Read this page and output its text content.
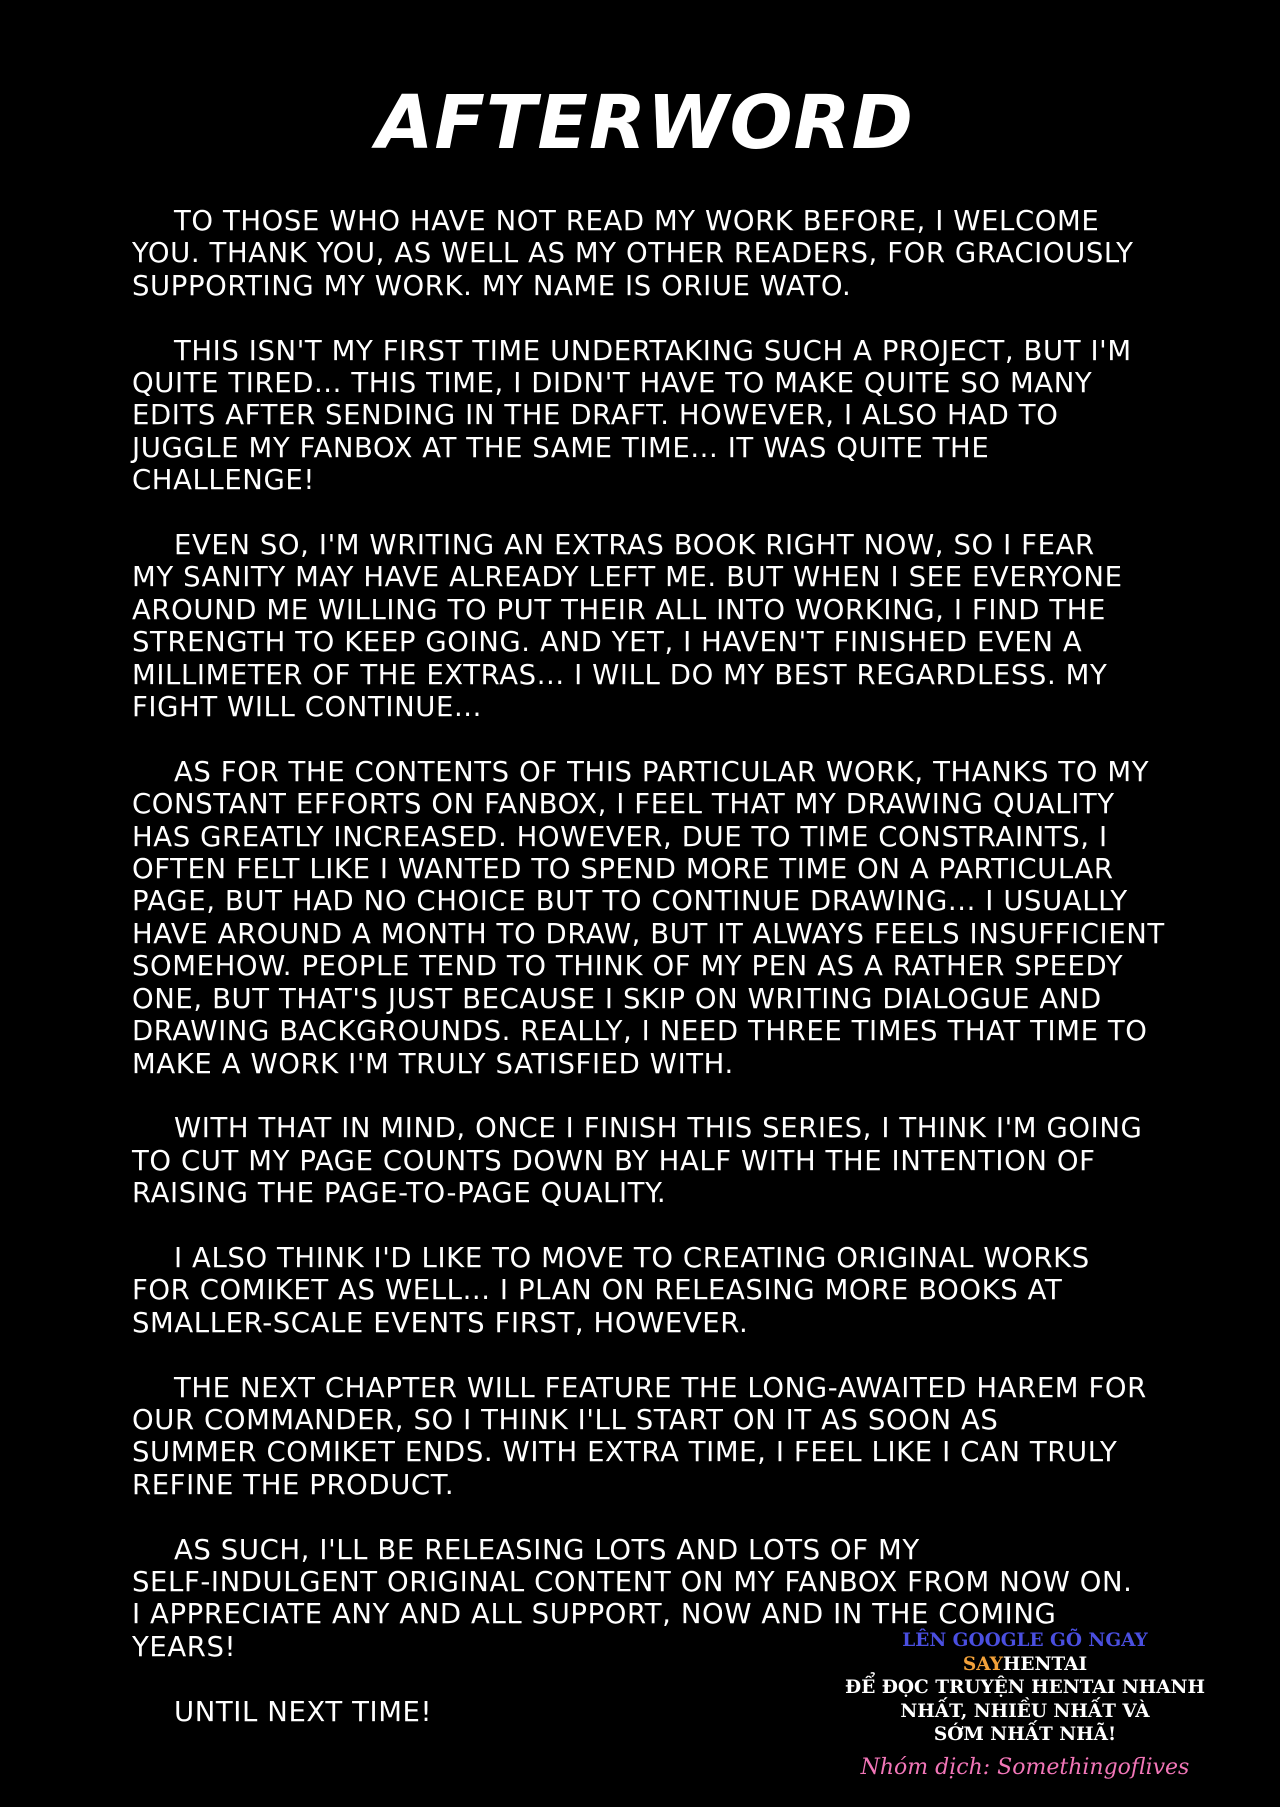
AFTERWORD

TO THOSE WHO HAVE NOT READ MY WORK BEFORE, I WELCOME
YOU. THANK YOU, AS WELL AS MY OTHER READERS, FOR GRACIOUSLY
SUPPORTING MY WORK. MY NAME IS ORIUE WATO.

THIS ISN'T MY FIRST TIME UNDERTAKING SUCH A PROJECT, BUT I'M
QUITE TIRED... THIS TIME, I DIDN'T HAVE TO MAKE QUITE SO MANY
EDITS AFTER SENDING IN THE DRAFT. HOWEVER, I ALSO HAD TO
JUGGLE MY FANBOX AT THE SAME TIME... IT WAS QUITE THE
CHALLENGE!

EVEN SO, I'M WRITING AN EXTRAS BOOK RIGHT NOW, SO I FEAR
MY SANITY MAY HAVE ALREADY LEFT ME. BUT WHEN I SEE EVERYONE
AROUND ME WILLING TO PUT THEIR ALL INTO WORKING, I FIND THE
STRENGTH TO KEEP GOING. AND YET, I HAVEN'T FINISHED EVEN A
MILLIMETER OF THE EXTRAS... I WILL DO MY BEST REGARDLESS. MY
FIGHT WILL CONTINUE...

AS FOR THE CONTENTS OF THIS PARTICULAR WORK, THANKS TO MY
CONSTANT EFFORTS ON FANBOX, I FEEL THAT MY DRAWING QUALITY
HAS GREATLY INCREASED. HOWEVER, DUE TO TIME CONSTRAINTS, I
OFTEN FELT LIKE I WANTED TO SPEND MORE TIME ON A PARTICULAR
PAGE, BUT HAD NO CHOICE BUT TO CONTINUE DRAWING... I USUALLY
HAVE AROUND A MONTH TO DRAW, BUT IT ALWAYS FEELS INSUFFICIENT
SOMEHOW. PEOPLE TEND TO THINK OF MY PEN AS A RATHER SPEEDY
ONE, BUT THAT'S JUST BECAUSE I SKIP ON WRITING DIALOGUE AND
DRAWING BACKGROUNDS. REALLY, I NEED THREE TIMES THAT TIME TO
MAKE A WORK I'M TRULY SATISFIED WITH.

WITH THAT IN MIND, ONCE I FINISH THIS SERIES, I THINK I'M GOING
TO CUT MY PAGE COUNTS DOWN BY HALF WITH THE INTENTION OF
RAISING THE PAGE-TO-PAGE QUALITY.

I ALSO THINK I'D LIKE TO MOVE TO CREATING ORIGINAL WORKS
FOR COMIKET AS WELL... I PLAN ON RELEASING MORE BOOKS AT
SMALLER-SCALE EVENTS FIRST, HOWEVER.

THE NEXT CHAPTER WILL FEATURE THE LONG-AWAITED HAREM FOR
OUR COMMANDER, SO I THINK I'LL START ON IT AS SOON AS
SUMMER COMIKET ENDS. WITH EXTRA TIME, I FEEL LIKE I CAN TRULY
REFINE THE PRODUCT.

AS SUCH, I'LL BE RELEASING LOTS AND LOTS OF MY
SELF-INDULGENT ORIGINAL CONTENT ON MY FANBOX FROM NOW ON.
I APPRECIATE ANY AND ALL SUPPORT, NOW AND IN THE COMING
YEARS!

UNTIL NEXT TIME!

LÊN GOOGLE GÕ NGAY
SAYHENTAI
ĐỂ ĐỌC TRUYỆN HENTAI NHANH
NHẤT, NHIỀU NHẤT VÀ
SỚM NHẤT NHÃ!
Nhóm dịch: Somethingoflives
